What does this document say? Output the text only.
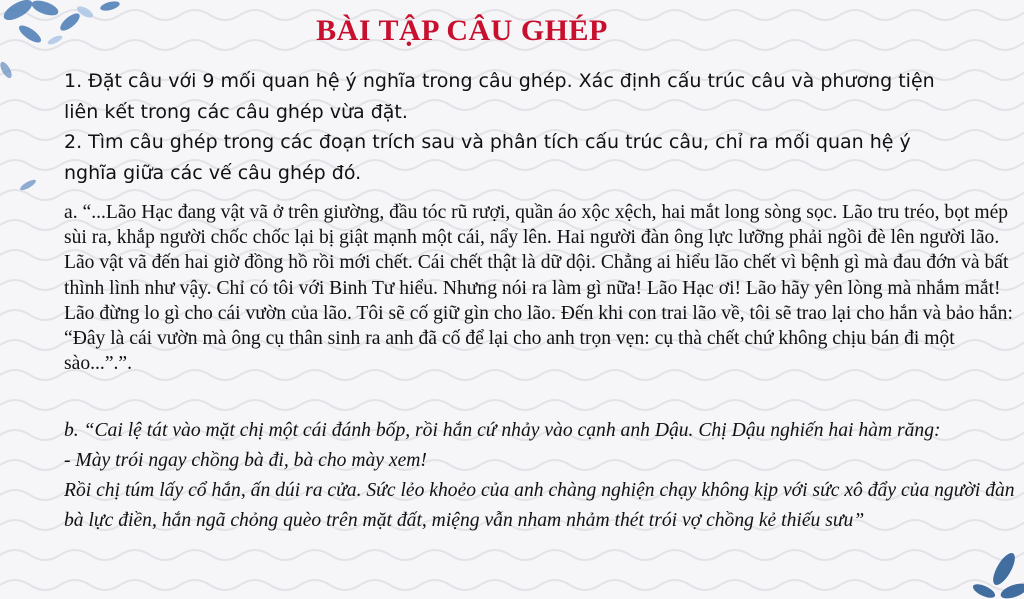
BÀI TẬP CÂU GHÉP

1. Đặt câu với 9 mối quan hệ ý nghĩa trong câu ghép. Xác định cấu trúc câu và phương tiện liên kết trong các câu ghép vừa đặt.

2. Tìm câu ghép trong các đoạn trích sau và phân tích cấu trúc câu, chỉ ra mối quan hệ ý nghĩa giữa các vế câu ghép đó.

a. “...Lão Hạc đang vật vã ở trên giường, đầu tóc rũ rượi, quần áo xộc xệch, hai mắt long sòng sọc. Lão tru tréo, bọt mép sùi ra, khắp người chốc chốc lại bị giật mạnh một cái, nẩy lên. Hai người đàn ông lực lưỡng phải ngồi đè lên người lão. Lão vật vã đến hai giờ đồng hồ rồi mới chết. Cái chết thật là dữ dội. Chẳng ai hiểu lão chết vì bệnh gì mà đau đớn và bất thình lình như vậy. Chỉ có tôi với Binh Tư hiểu. Nhưng nói ra làm gì nữa! Lão Hạc ơi! Lão hãy yên lòng mà nhắm mắt! Lão đừng lo gì cho cái vườn của lão. Tôi sẽ cố giữ gìn cho lão. Đến khi con trai lão về, tôi sẽ trao lại cho hắn và bảo hắn: “Đây là cái vườn mà ông cụ thân sinh ra anh đã cố để lại cho anh trọn vẹn: cụ thà chết chứ không chịu bán đi một sào...”.”.

b. “Cai lệ tát vào mặt chị một cái đánh bốp, rồi hắn cứ nhảy vào cạnh anh Dậu. Chị Dậu nghiến hai hàm răng:

- Mày trói ngay chồng bà đi, bà cho mày xem!

Rồi chị túm lấy cổ hắn, ấn dúi ra cửa. Sức lẻo khoẻo của anh chàng nghiện chạy không kịp với sức xô đẩy của người đàn bà lực điền, hắn ngã chỏng quèo trên mặt đất, miệng vẫn nham nhảm thét trói vợ chồng kẻ thiếu sưu”
